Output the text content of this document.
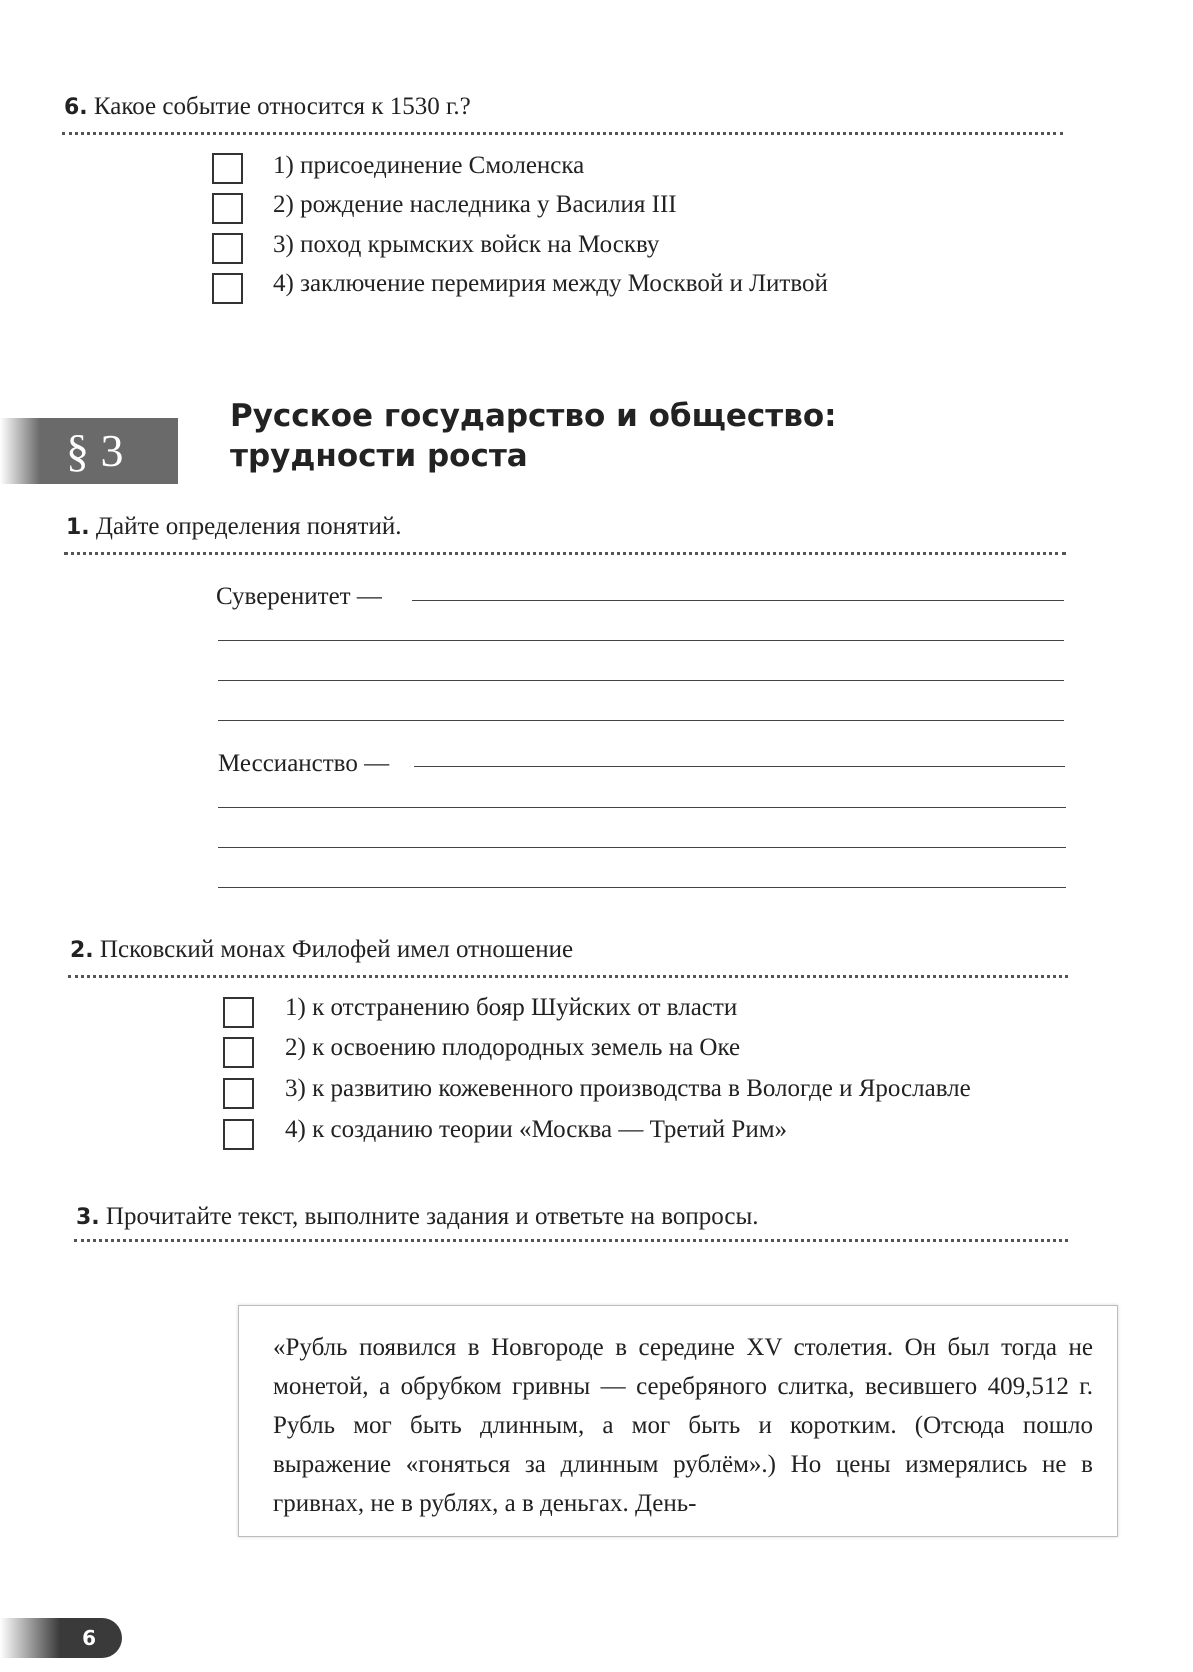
6. Какое событие относится к 1530 г.?
1) присоединение Смоленска
2) рождение наследника у Василия III
3) поход крымских войск на Москву
4) заключение перемирия между Москвой и Литвой
§ 3
Русское государство и общество:
трудности роста
1. Дайте определения понятий.
Суверенитет —
Мессианство —
2. Псковский монах Филофей имел отношение
1) к отстранению бояр Шуйских от власти
2) к освоению плодородных земель на Оке
3) к развитию кожевенного производства в Вологде и Ярославле
4) к созданию теории «Москва — Третий Рим»
3. Прочитайте текст, выполните задания и ответьте на вопросы.
«Рубль появился в Новгороде в середине XV столетия. Он был тогда не монетой, а обрубком гривны — серебряного слитка, весившего 409,512 г. Рубль мог быть длинным, а мог быть и коротким. (Отсюда пошло выражение «гоняться за длинным рублём».) Но цены измерялись не в гривнах, не в рублях, а в деньгах. День-
6
